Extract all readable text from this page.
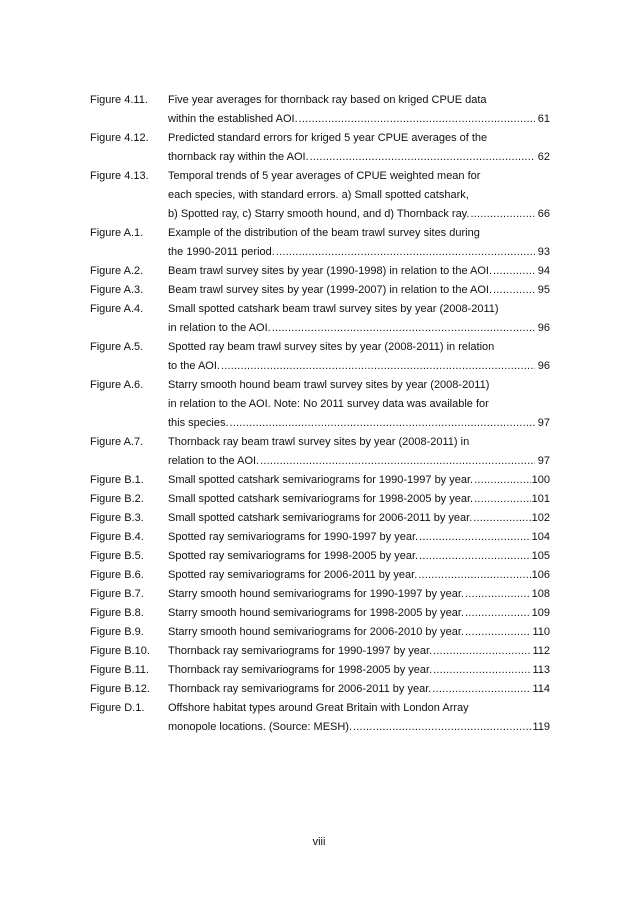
Figure 4.11.	Five year averages for thornback ray based on kriged CPUE data
within the established AOI. .....	61
Figure 4.12.	Predicted standard errors for kriged 5 year CPUE averages of the
thornback ray within the AOI. .....	62
Figure 4.13.	Temporal trends of 5 year averages of CPUE weighted mean for
each species, with standard errors. a) Small spotted catshark,
b) Spotted ray, c) Starry smooth hound, and d) Thornback ray. .....	66
Figure A.1.	Example of the distribution of the beam trawl survey sites during
the 1990-2011 period. .....	93
Figure A.2.	Beam trawl survey sites by year (1990-1998) in relation to the AOI. .....	94
Figure A.3.	Beam trawl survey sites by year (1999-2007) in relation to the AOI. .....	95
Figure A.4.	Small spotted catshark beam trawl survey sites by year (2008-2011)
in relation to the AOI. .....	96
Figure A.5.	Spotted ray beam trawl survey sites by year (2008-2011) in relation
to the AOI. .....	96
Figure A.6.	Starry smooth hound beam trawl survey sites by year (2008-2011)
in relation to the AOI. Note: No 2011 survey data was available for
this species. .....	97
Figure A.7.	Thornback ray beam trawl survey sites by year (2008-2011) in
relation to the AOI. .....	97
Figure B.1.	Small spotted catshark semivariograms for 1990-1997 by year. .....	100
Figure B.2.	Small spotted catshark semivariograms for 1998-2005 by year. .....	101
Figure B.3.	Small spotted catshark semivariograms for 2006-2011 by year. .....	102
Figure B.4.	Spotted ray semivariograms for 1990-1997 by year. .....	104
Figure B.5.	Spotted ray semivariograms for 1998-2005 by year. .....	105
Figure B.6.	Spotted ray semivariograms for 2006-2011 by year. .....	106
Figure B.7.	Starry smooth hound semivariograms for 1990-1997 by year. .....	108
Figure B.8.	Starry smooth hound semivariograms for 1998-2005 by year. .....	109
Figure B.9.	Starry smooth hound semivariograms for 2006-2010 by year. .....	110
Figure B.10.	Thornback ray semivariograms for 1990-1997 by year. .....	112
Figure B.11.	Thornback ray semivariograms for 1998-2005 by year. .....	113
Figure B.12.	Thornback ray semivariograms for 2006-2011 by year. .....	114
Figure D.1.	Offshore habitat types around Great Britain with London Array
monopole locations. (Source: MESH). .....	119
viii
